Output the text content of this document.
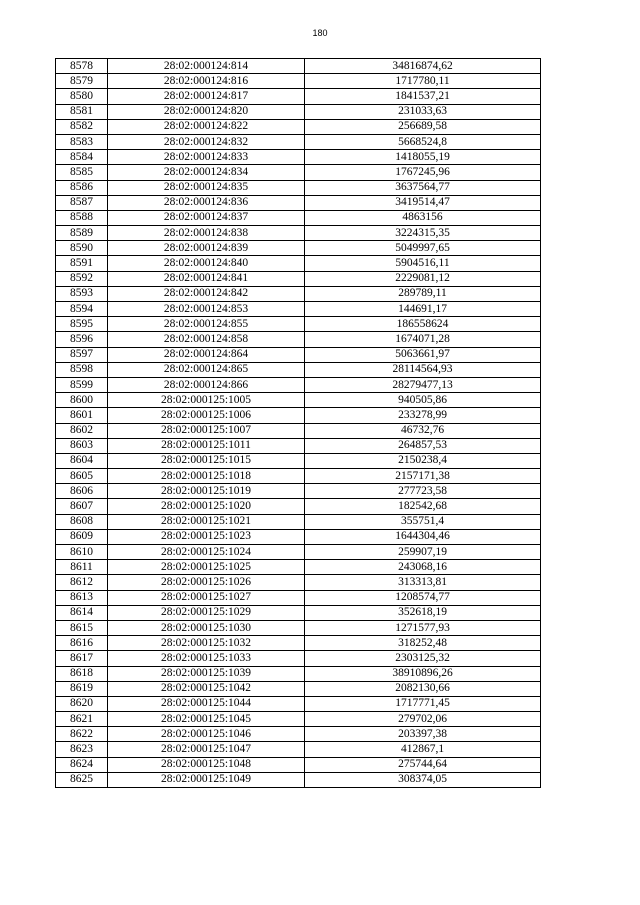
180
8578	28:02:000124:814	34816874,62
8579	28:02:000124:816	1717780,11
8580	28:02:000124:817	1841537,21
8581	28:02:000124:820	231033,63
8582	28:02:000124:822	256689,58
8583	28:02:000124:832	5668524,8
8584	28:02:000124:833	1418055,19
8585	28:02:000124:834	1767245,96
8586	28:02:000124:835	3637564,77
8587	28:02:000124:836	3419514,47
8588	28:02:000124:837	4863156
8589	28:02:000124:838	3224315,35
8590	28:02:000124:839	5049997,65
8591	28:02:000124:840	5904516,11
8592	28:02:000124:841	2229081,12
8593	28:02:000124:842	289789,11
8594	28:02:000124:853	144691,17
8595	28:02:000124:855	186558624
8596	28:02:000124:858	1674071,28
8597	28:02:000124:864	5063661,97
8598	28:02:000124:865	28114564,93
8599	28:02:000124:866	28279477,13
8600	28:02:000125:1005	940505,86
8601	28:02:000125:1006	233278,99
8602	28:02:000125:1007	46732,76
8603	28:02:000125:1011	264857,53
8604	28:02:000125:1015	2150238,4
8605	28:02:000125:1018	2157171,38
8606	28:02:000125:1019	277723,58
8607	28:02:000125:1020	182542,68
8608	28:02:000125:1021	355751,4
8609	28:02:000125:1023	1644304,46
8610	28:02:000125:1024	259907,19
8611	28:02:000125:1025	243068,16
8612	28:02:000125:1026	313313,81
8613	28:02:000125:1027	1208574,77
8614	28:02:000125:1029	352618,19
8615	28:02:000125:1030	1271577,93
8616	28:02:000125:1032	318252,48
8617	28:02:000125:1033	2303125,32
8618	28:02:000125:1039	38910896,26
8619	28:02:000125:1042	2082130,66
8620	28:02:000125:1044	1717771,45
8621	28:02:000125:1045	279702,06
8622	28:02:000125:1046	203397,38
8623	28:02:000125:1047	412867,1
8624	28:02:000125:1048	275744,64
8625	28:02:000125:1049	308374,05
